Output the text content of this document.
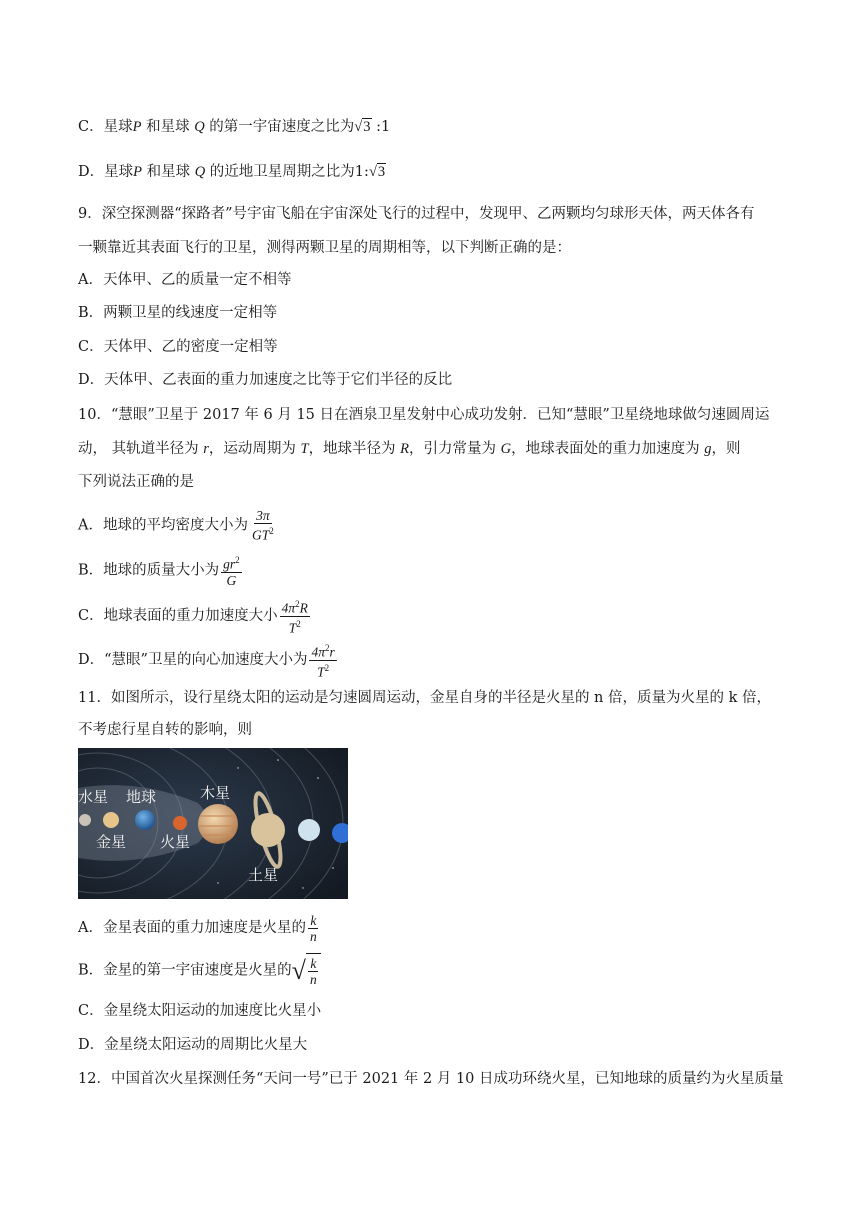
C．星球P 和星球 Q 的第一宇宙速度之比为√3 :1
D．星球P 和星球 Q 的近地卫星周期之比为1:√3
9．深空探测器“探路者”号宇宙飞船在宇宙深处飞行的过程中，发现甲、乙两颗均匀球形天体，两天体各有
一颗靠近其表面飞行的卫星，测得两颗卫星的周期相等，以下判断正确的是：
A．天体甲、乙的质量一定不相等
B．两颗卫星的线速度一定相等
C．天体甲、乙的密度一定相等
D．天体甲、乙表面的重力加速度之比等于它们半径的反比
10．“慧眼”卫星于 2017 年 6 月 15 日在酒泉卫星发射中心成功发射．已知“慧眼”卫星绕地球做匀速圆周运
动， 其轨道半径为 r，运动周期为 T，地球半径为 R，引力常量为 G，地球表面处的重力加速度为 g，则
下列说法正确的是
A．地球的平均密度大小为 $\frac{3\pi}{GT^2}$
B．地球的质量大小为 $\frac{gr^2}{G}$
C．地球表面的重力加速度大小 $\frac{4\pi^2R}{T^2}$
D．“慧眼”卫星的向心加速度大小为 $\frac{4\pi^2r}{T^2}$
11．如图所示，设行星绕太阳的运动是匀速圆周运动，金星自身的半径是火星的 n 倍，质量为火星的 k 倍，
不考虑行星自转的影响，则
水星 地球	木星
金星 火星
土星
A．金星表面的重力加速度是火星的 $\frac{k}{n}$
B．金星的第一宇宙速度是火星的 √ $\frac{k}{n}$
C．金星绕太阳运动的加速度比火星小
D．金星绕太阳运动的周期比火星大
12．中国首次火星探测任务“天问一号”已于 2021 年 2 月 10 日成功环绕火星，已知地球的质量约为火星质量
